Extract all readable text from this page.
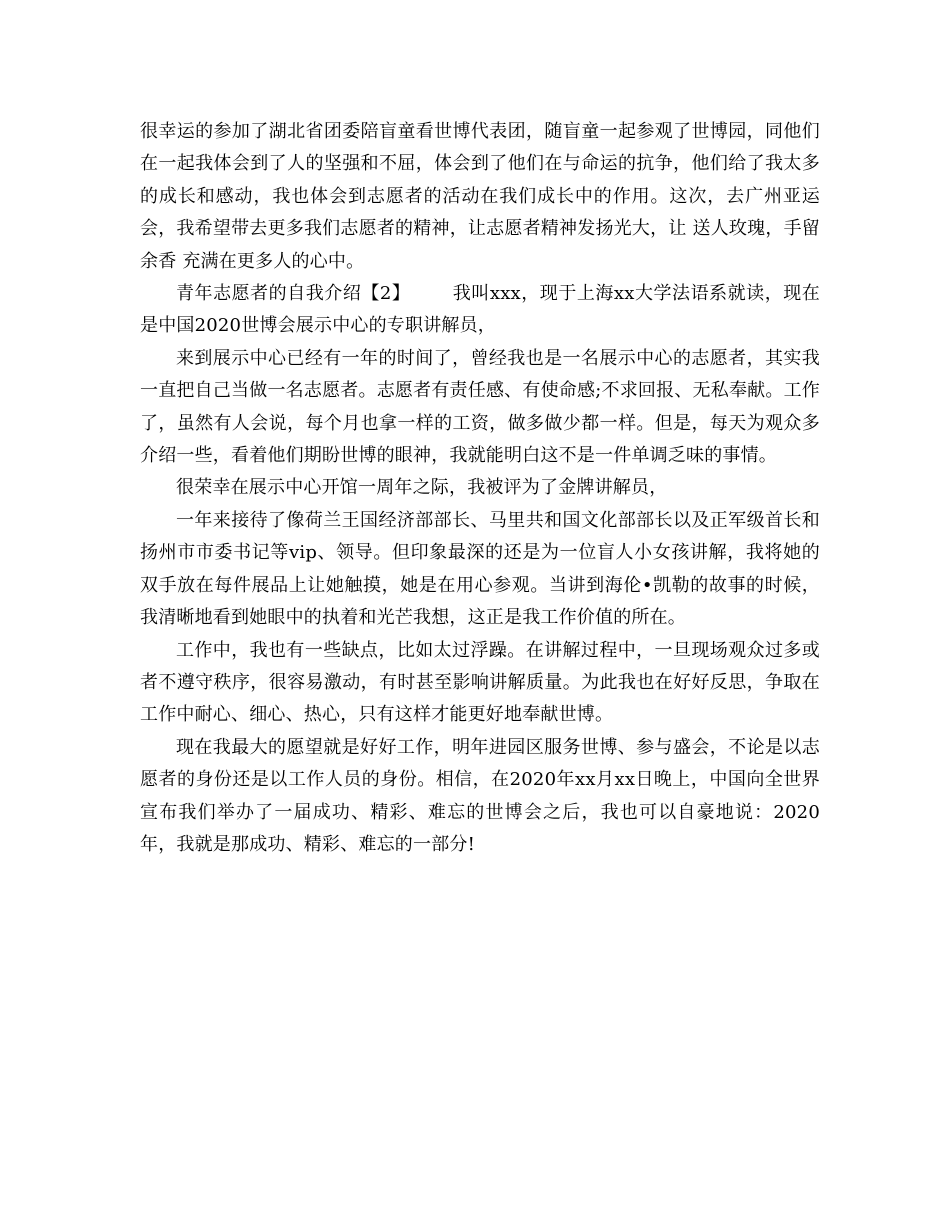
很幸运的参加了湖北省团委陪盲童看世博代表团，随盲童一起参观了世博园，同他们在一起我体会到了人的坚强和不屈，体会到了他们在与命运的抗争，他们给了我太多的成长和感动，我也体会到志愿者的活动在我们成长中的作用。这次，去广州亚运会，我希望带去更多我们志愿者的精神，让志愿者精神发扬光大，让 送人玫瑰，手留余香 充满在更多人的心中。

青年志愿者的自我介绍【2】 我叫xxx，现于上海xx大学法语系就读，现在是中国2020世博会展示中心的专职讲解员，

来到展示中心已经有一年的时间了，曾经我也是一名展示中心的志愿者，其实我一直把自己当做一名志愿者。志愿者有责任感、有使命感;不求回报、无私奉献。工作了，虽然有人会说，每个月也拿一样的工资，做多做少都一样。但是，每天为观众多介绍一些，看着他们期盼世博的眼神，我就能明白这不是一件单调乏味的事情。

很荣幸在展示中心开馆一周年之际，我被评为了金牌讲解员，

一年来接待了像荷兰王国经济部部长、马里共和国文化部部长以及正军级首长和扬州市市委书记等vip、领导。但印象最深的还是为一位盲人小女孩讲解，我将她的双手放在每件展品上让她触摸，她是在用心参观。当讲到海伦•凯勒的故事的时候，我清晰地看到她眼中的执着和光芒我想，这正是我工作价值的所在。

工作中，我也有一些缺点，比如太过浮躁。在讲解过程中，一旦现场观众过多或者不遵守秩序，很容易激动，有时甚至影响讲解质量。为此我也在好好反思，争取在工作中耐心、细心、热心，只有这样才能更好地奉献世博。

现在我最大的愿望就是好好工作，明年进园区服务世博、参与盛会，不论是以志愿者的身份还是以工作人员的身份。相信，在2020年xx月xx日晚上，中国向全世界宣布我们举办了一届成功、精彩、难忘的世博会之后，我也可以自豪地说：2020年，我就是那成功、精彩、难忘的一部分!
